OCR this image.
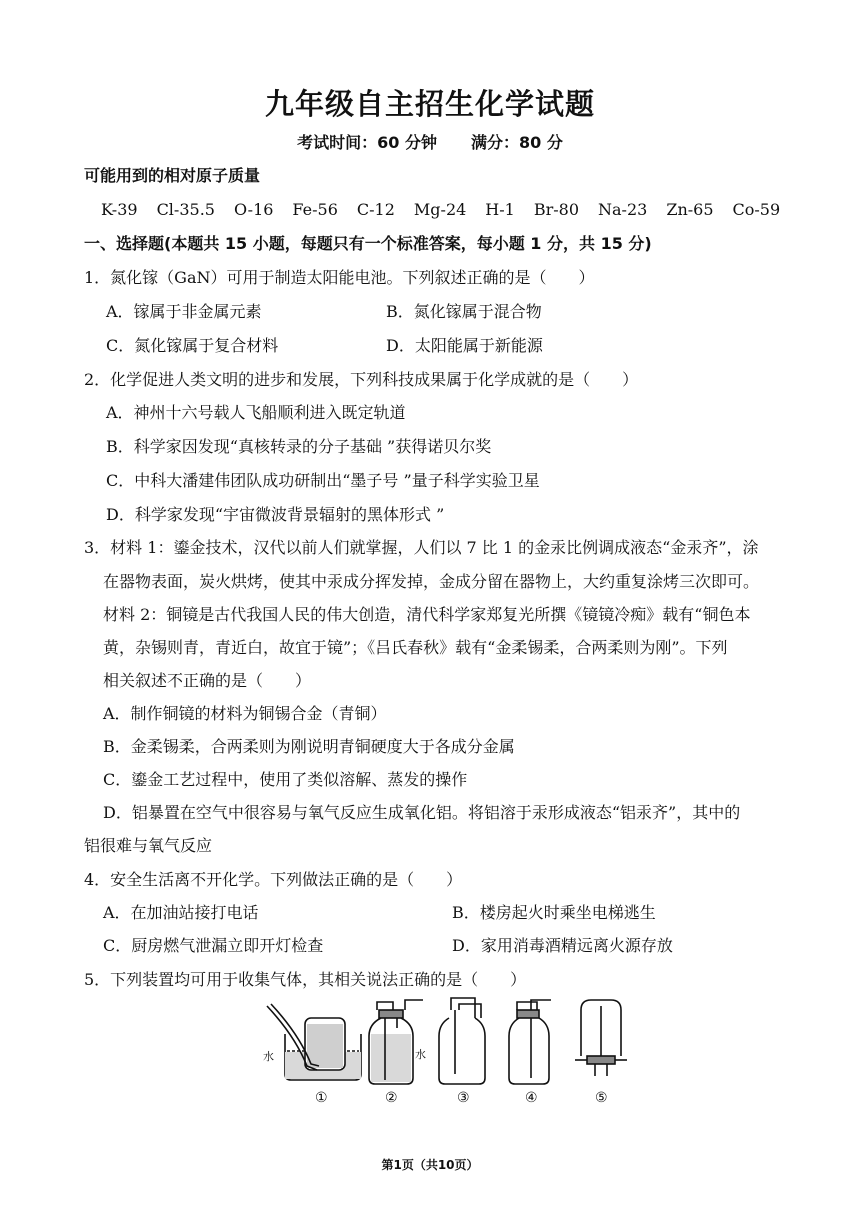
九年级自主招生化学试题
考试时间：60 分钟 满分：80 分
可能用到的相对原子质量
K-39 Cl-35.5 O-16 Fe-56 C-12 Mg-24 H-1 Br-80 Na-23 Zn-65 Co-59
一、选择题(本题共 15 小题，每题只有一个标准答案，每小题 1 分，共 15 分)
1．氮化镓（GaN）可用于制造太阳能电池。下列叙述正确的是（　　）
A．镓属于非金属元素	B．氮化镓属于混合物
C．氮化镓属于复合材料	D．太阳能属于新能源
2．化学促进人类文明的进步和发展，下列科技成果属于化学成就的是（　　）
A．神州十六号载人飞船顺利进入既定轨道
B．科学家因发现“真核转录的分子基础 ”获得诺贝尔奖
C．中科大潘建伟团队成功研制出“墨子号 ”量子科学实验卫星
D．科学家发现“宇宙微波背景辐射的黑体形式 ”
3．材料 1：鎏金技术，汉代以前人们就掌握，人们以 7 比 1 的金汞比例调成液态“金汞齐”，涂
在器物表面，炭火烘烤，使其中汞成分挥发掉，金成分留在器物上，大约重复涂烤三次即可。
材料 2：铜镜是古代我国人民的伟大创造，清代科学家郑复光所撰《镜镜冷痴》载有“铜色本
黄，杂锡则青，青近白，故宜于镜”；《吕氏春秋》载有“金柔锡柔，合两柔则为刚”。下列
相关叙述不正确的是（　　）
A．制作铜镜的材料为铜锡合金（青铜）
B．金柔锡柔，合两柔则为刚说明青铜硬度大于各成分金属
C．鎏金工艺过程中，使用了类似溶解、蒸发的操作
D．铝暴置在空气中很容易与氧气反应生成氧化铝。将铝溶于汞形成液态“铝汞齐”，其中的
铝很难与氧气反应
4．安全生活离不开化学。下列做法正确的是（　　）
A．在加油站接打电话	B．楼房起火时乘坐电梯逃生
C．厨房燃气泄漏立即开灯检查	D．家用消毒酒精远离火源存放
5．下列装置均可用于收集气体，其相关说法正确的是（　　）
水	水
①	②	③	④	⑤
第1页（共10页）
